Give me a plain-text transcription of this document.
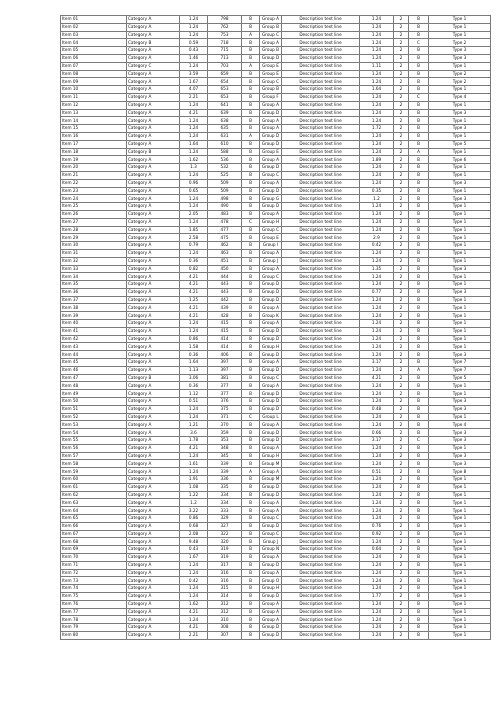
Item 01	Category A	1.24	798	B	Group A	Description text line	1.24	2	B	Type 1
Item 02	Category A	1.24	762	B	Group B	Description text line	1.24	2	B	Type 1
Item 03	Category A	1.24	753	A	Group C	Description text line	1.24	2	B	Type 1
Item 04	Category B	0.59	718	B	Group A	Description text line	1.24	2	C	Type 2
Item 05	Category A	0.43	715	B	Group B	Description text line	1.24	2	B	Type 3
Item 06	Category A	1.46	713	B	Group D	Description text line	1.24	2	B	Type 3
Item 07	Category C	1.24	703	A	Group E	Description text line	1.11	2	B	Type 1
Item 08	Category A	3.59	659	B	Group E	Description text line	1.24	2	B	Type 2
Item 09	Category A	1.67	654	B	Group C	Description text line	1.24	2	B	Type 2
Item 10	Category A	4.07	653	B	Group B	Description text line	1.64	2	B	Type 1
Item 11	Category A	2.21	653	B	Group F	Description text line	1.24	2	C	Type 4
Item 12	Category A	1.24	641	B	Group A	Description text line	1.24	2	B	Type 1
Item 13	Category A	4.21	639	B	Group D	Description text line	1.24	2	B	Type 3
Item 14	Category A	1.24	638	B	Group A	Description text line	1.24	2	B	Type 1
Item 15	Category A	1.24	635	B	Group A	Description text line	1.72	2	B	Type 3
Item 16	Category A	1.24	631	A	Group D	Description text line	1.24	2	B	Type 1
Item 17	Category A	1.64	610	B	Group D	Description text line	1.24	2	B	Type 5
Item 18	Category B	1.24	588	B	Group E	Description text line	1.24	2	A	Type 1
Item 19	Category A	1.62	536	B	Group A	Description text line	1.89	2	B	Type 6
Item 20	Category A	1.3	532	B	Group D	Description text line	1.24	2	B	Type 1
Item 21	Category A	1.24	525	B	Group C	Description text line	1.24	2	B	Type 1
Item 22	Category A	0.96	509	B	Group A	Description text line	1.24	2	B	Type 3
Item 23	Category A	0.65	509	B	Group D	Description text line	0.35	2	B	Type 1
Item 24	Category A	1.24	498	B	Group G	Description text line	1.2	2	B	Type 3
Item 25	Category A	1.24	490	B	Group D	Description text line	1.24	2	B	Type 1
Item 26	Category A	2.05	483	B	Group A	Description text line	1.24	2	B	Type 1
Item 27	Category A	1.24	478	C	Group H	Description text line	1.24	2	B	Type 1
Item 28	Category A	1.85	477	B	Group C	Description text line	1.24	2	B	Type 1
Item 29	Category A	2.58	475	B	Group E	Description text line	2.9	2	B	Type 1
Item 30	Category A	0.79	462	B	Group I	Description text line	0.42	2	B	Type 1
Item 31	Category A	1.24	463	B	Group A	Description text line	1.24	2	B	Type 1
Item 32	Category A	0.36	451	B	Group J	Description text line	1.24	2	B	Type 1
Item 33	Category A	0.82	450	B	Group A	Description text line	1.35	2	B	Type 3
Item 34	Category A	4.21	444	B	Group C	Description text line	1.24	2	B	Type 1
Item 35	Category A	4.21	443	B	Group D	Description text line	1.24	2	B	Type 1
Item 36	Category A	4.21	443	B	Group D	Description text line	0.77	2	B	Type 3
Item 37	Category A	1.25	442	B	Group D	Description text line	1.24	2	B	Type 1
Item 38	Category A	4.21	439	B	Group A	Description text line	1.24	2	B	Type 1
Item 39	Category A	4.21	428	B	Group K	Description text line	1.24	2	B	Type 1
Item 40	Category A	1.24	415	B	Group A	Description text line	1.24	2	B	Type 1
Item 41	Category A	1.24	415	B	Group D	Description text line	1.24	2	B	Type 1
Item 42	Category A	0.86	414	B	Group D	Description text line	1.24	2	B	Type 1
Item 43	Category A	1.58	414	B	Group H	Description text line	1.24	2	B	Type 1
Item 44	Category A	0.36	406	B	Group D	Description text line	1.24	2	B	Type 3
Item 45	Category A	1.64	397	B	Group A	Description text line	3.17	2	B	Type 7
Item 46	Category A	1.13	397	B	Group D	Description text line	1.24	2	A	Type 7
Item 47	Category B	3.06	381	B	Group C	Description text line	4.21	2	B	Type 5
Item 48	Category A	0.36	377	B	Group A	Description text line	1.24	2	B	Type 1
Item 49	Category A	1.12	377	B	Group D	Description text line	1.24	2	B	Type 1
Item 50	Category A	0.51	376	B	Group D	Description text line	1.24	2	B	Type 3
Item 51	Category A	1.24	375	B	Group D	Description text line	0.48	2	B	Type 3
Item 52	Category A	1.24	371	C	Group L	Description text line	1.24	2	B	Type 1
Item 53	Category A	1.21	370	B	Group A	Description text line	1.24	2	B	Type 4
Item 54	Category A	3.6	359	B	Group D	Description text line	0.66	2	B	Type 3
Item 55	Category A	1.78	353	B	Group D	Description text line	3.17	2	C	Type 3
Item 56	Category A	4.21	348	B	Group A	Description text line	1.24	2	B	Type 1
Item 57	Category A	1.24	345	B	Group H	Description text line	1.24	2	B	Type 3
Item 58	Category A	1.61	339	B	Group M	Description text line	1.24	2	B	Type 3
Item 59	Category A	1.24	339	A	Group A	Description text line	0.51	2	B	Type 8
Item 60	Category A	1.91	336	B	Group M	Description text line	1.24	2	B	Type 1
Item 61	Category A	1.08	335	B	Group D	Description text line	1.24	2	B	Type 1
Item 62	Category A	1.22	334	B	Group D	Description text line	1.24	2	B	Type 1
Item 63	Category A	1.2	334	B	Group A	Description text line	1.24	2	B	Type 1
Item 64	Category A	3.22	333	B	Group A	Description text line	1.24	2	B	Type 1
Item 65	Category A	0.86	329	B	Group C	Description text line	1.24	2	B	Type 1
Item 66	Category A	0.68	327	B	Group D	Description text line	0.76	2	B	Type 1
Item 67	Category A	2.08	322	B	Group C	Description text line	0.92	2	B	Type 1
Item 68	Category A	9.48	320	B	Group J	Description text line	1.24	2	B	Type 1
Item 69	Category A	0.43	319	B	Group N	Description text line	0.64	2	B	Type 1
Item 70	Category A	1.67	319	B	Group A	Description text line	1.24	2	B	Type 1
Item 71	Category A	1.24	317	B	Group D	Description text line	1.24	2	B	Type 1
Item 72	Category A	1.24	316	B	Group A	Description text line	1.24	2	B	Type 1
Item 73	Category A	0.42	316	B	Group O	Description text line	1.24	2	B	Type 1
Item 74	Category A	1.24	315	B	Group H	Description text line	1.24	2	B	Type 1
Item 75	Category A	1.24	314	B	Group D	Description text line	1.77	2	B	Type 1
Item 76	Category A	1.62	312	B	Group A	Description text line	1.24	2	B	Type 1
Item 77	Category A	4.21	312	B	Group A	Description text line	1.24	2	B	Type 1
Item 78	Category A	1.24	310	B	Group A	Description text line	1.24	2	B	Type 1
Item 79	Category A	4.21	308	B	Group D	Description text line	1.24	2	B	Type 1
Item 80	Category A	2.21	307	B	Group D	Description text line	1.24	2	B	Type 1
